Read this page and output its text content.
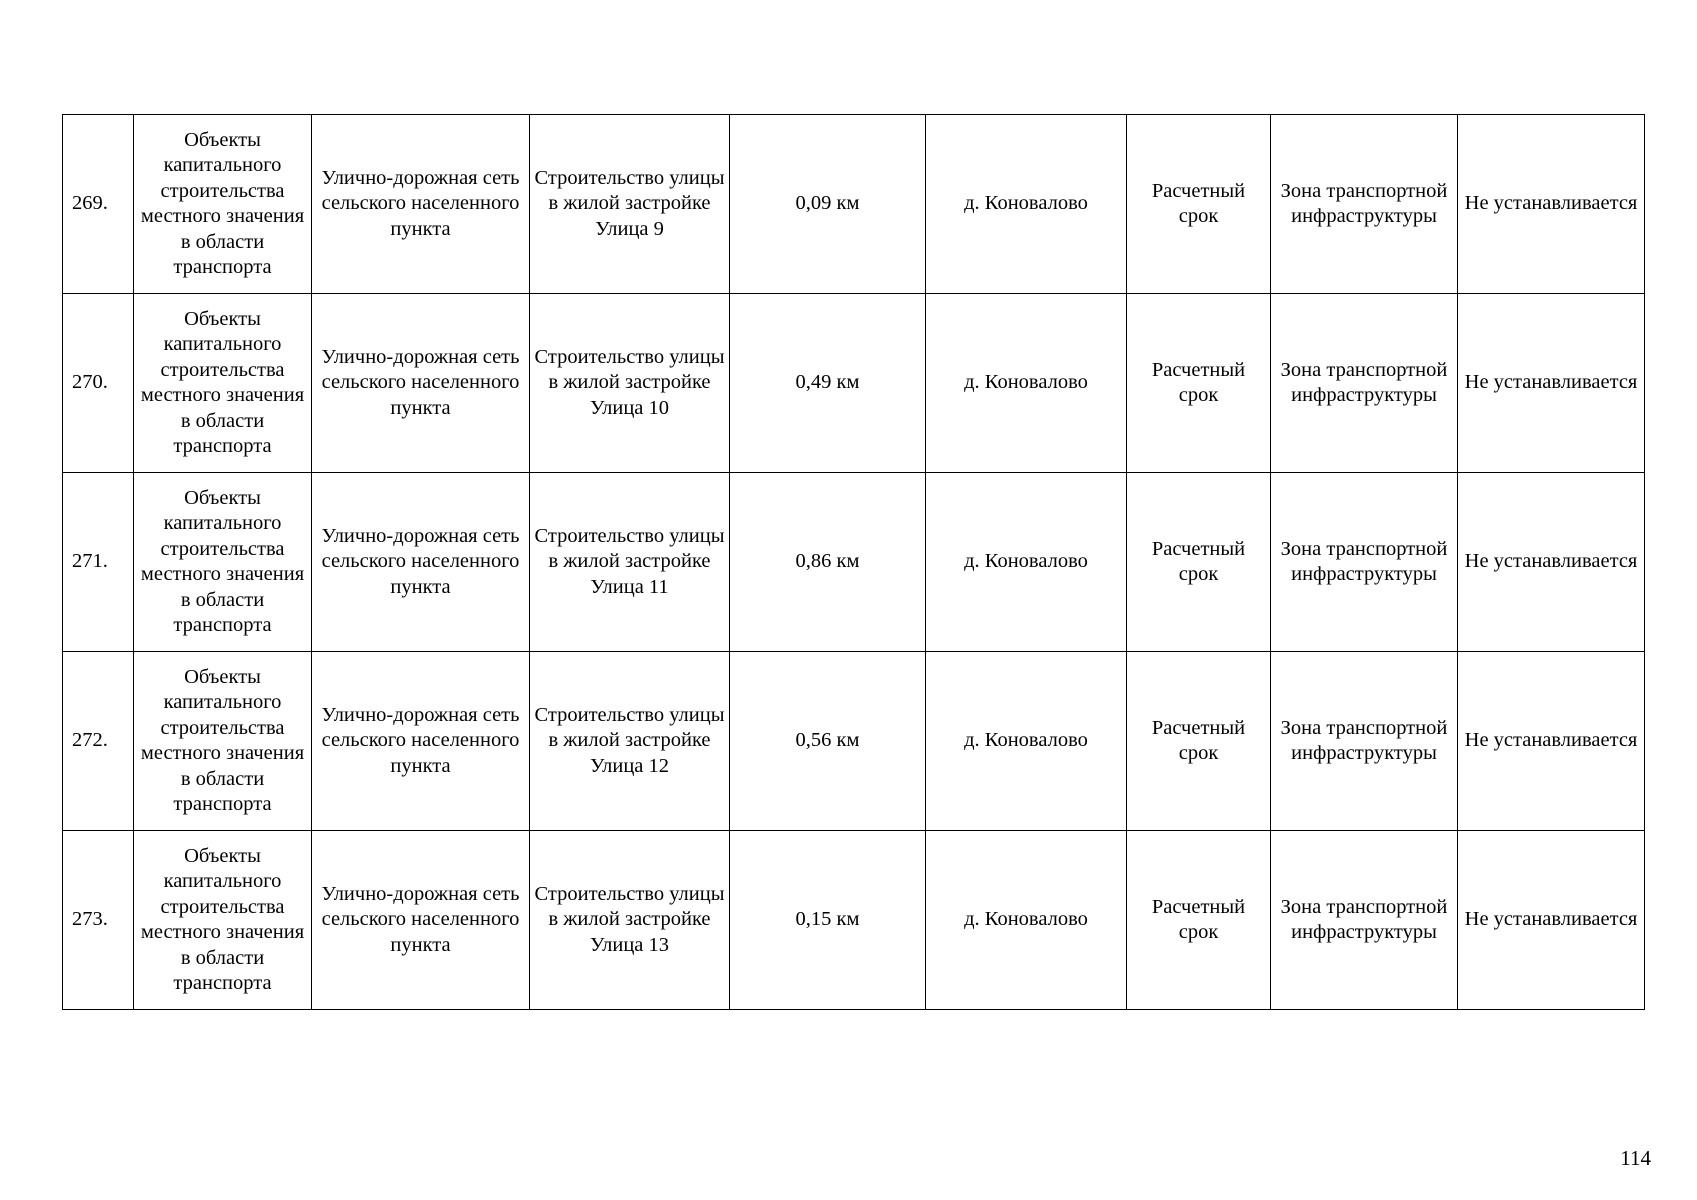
269.	Объекты капитального строительства местного значения в области транспорта	Улично-дорожная сеть сельского населенного пункта	Строительство улицы в жилой застройке Улица 9	0,09 км	д. Коновалово	Расчетный срок	Зона транспортной инфраструктуры	Не устанавливается
270.	Объекты капитального строительства местного значения в области транспорта	Улично-дорожная сеть сельского населенного пункта	Строительство улицы в жилой застройке Улица 10	0,49 км	д. Коновалово	Расчетный срок	Зона транспортной инфраструктуры	Не устанавливается
271.	Объекты капитального строительства местного значения в области транспорта	Улично-дорожная сеть сельского населенного пункта	Строительство улицы в жилой застройке Улица 11	0,86 км	д. Коновалово	Расчетный срок	Зона транспортной инфраструктуры	Не устанавливается
272.	Объекты капитального строительства местного значения в области транспорта	Улично-дорожная сеть сельского населенного пункта	Строительство улицы в жилой застройке Улица 12	0,56 км	д. Коновалово	Расчетный срок	Зона транспортной инфраструктуры	Не устанавливается
273.	Объекты капитального строительства местного значения в области транспорта	Улично-дорожная сеть сельского населенного пункта	Строительство улицы в жилой застройке Улица 13	0,15 км	д. Коновалово	Расчетный срок	Зона транспортной инфраструктуры	Не устанавливается
114
